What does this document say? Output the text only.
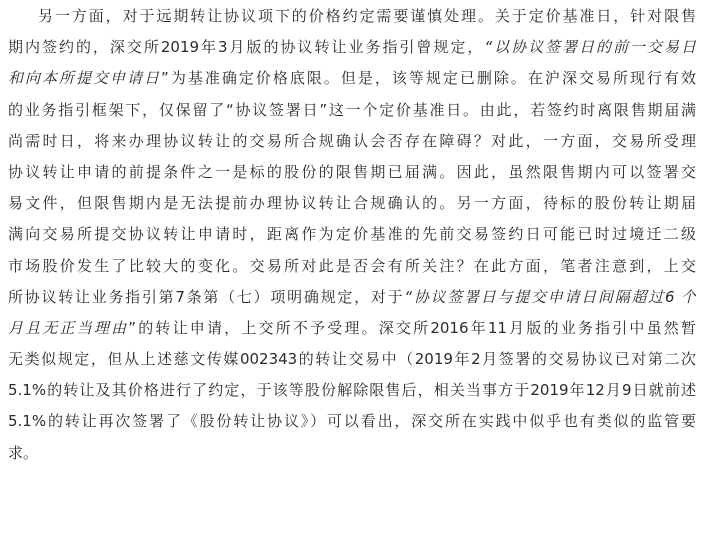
另一方面，对于远期转让协议项下的价格约定需要谨慎处理。关于定价基准日，针对限售
期内签约的，深交所2019年3月版的协议转让业务指引曾规定，“以协议签署日的前一交易日
和向本所提交申请日”为基准确定价格底限。但是，该等规定已删除。在沪深交易所现行有效
的业务指引框架下，仅保留了“协议签署日”这一个定价基准日。由此，若签约时离限售期届满
尚需时日，将来办理协议转让的交易所合规确认会否存在障碍？对此，一方面，交易所受理
协议转让申请的前提条件之一是标的股份的限售期已届满。因此，虽然限售期内可以签署交
易文件，但限售期内是无法提前办理协议转让合规确认的。另一方面，待标的股份转让期届
满向交易所提交协议转让申请时，距离作为定价基准的先前交易签约日可能已时过境迁二级
市场股价发生了比较大的变化。交易所对此是否会有所关注？在此方面，笔者注意到，上交
所协议转让业务指引第7条第（七）项明确规定，对于“协议签署日与提交申请日间隔超过6 个
月且无正当理由”的转让申请，上交所不予受理。深交所2016年11月版的业务指引中虽然暂
无类似规定，但从上述慈文传媒002343的转让交易中（2019年2月签署的交易协议已对第二次
5.1%的转让及其价格进行了约定，于该等股份解除限售后，相关当事方于2019年12月9日就前述
5.1%的转让再次签署了《股份转让协议》）可以看出，深交所在实践中似乎也有类似的监管要
求。
